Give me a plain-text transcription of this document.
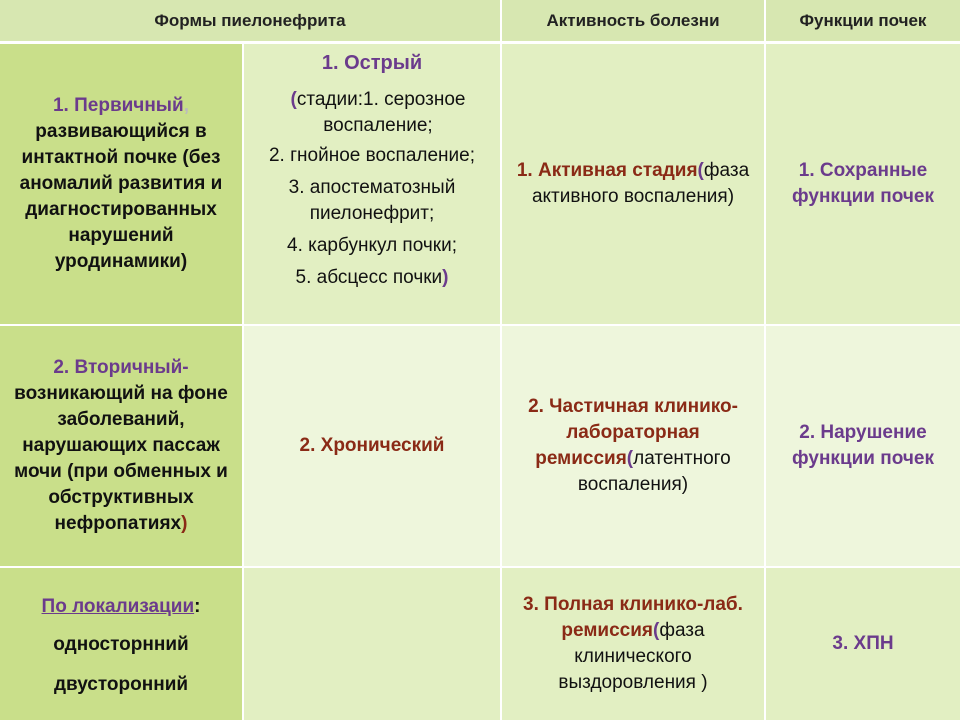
Формы пиелонефрита	Активность болезни	Функции почек
1. Первичный, развивающийся в интактной почке (без аномалий развития и диагностированных нарушений уродинамики)
1. Острый
(стадии:1. серозное воспаление;
2. гнойное воспаление;
3. апостематозный пиелонефрит;
4. карбункул почки;
5. абсцесс почки)
1. Активная стадия(фаза активного воспаления)
1. Сохранные функции почек
2. Вторичный- возникающий на фоне заболеваний, нарушающих пассаж мочи (при обменных и обструктивных нефропатиях)
2. Хронический
2. Частичная клинико-лабораторная ремиссия(латентного воспаления)
2. Нарушение функции почек
По локализации:
односторнний
двусторонний
3. Полная клинико-лаб. ремиссия(фаза клинического выздоровления )
3. ХПН
